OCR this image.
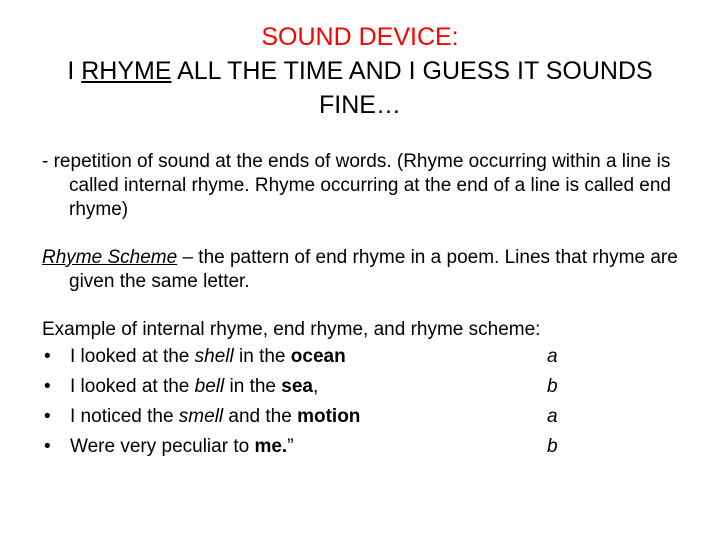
SOUND DEVICE:
I RHYME ALL THE TIME AND I GUESS IT SOUNDS
FINE…

- repetition of sound at the ends of words. (Rhyme occurring within a line is called internal rhyme. Rhyme occurring at the end of a line is called end rhyme)

Rhyme Scheme – the pattern of end rhyme in a poem. Lines that rhyme are given the same letter.

Example of internal rhyme, end rhyme, and rhyme scheme:

• I looked at the shell in the ocean	a
• I looked at the bell in the sea,	b
• I noticed the smell and the motion	a
• Were very peculiar to me.”	b
